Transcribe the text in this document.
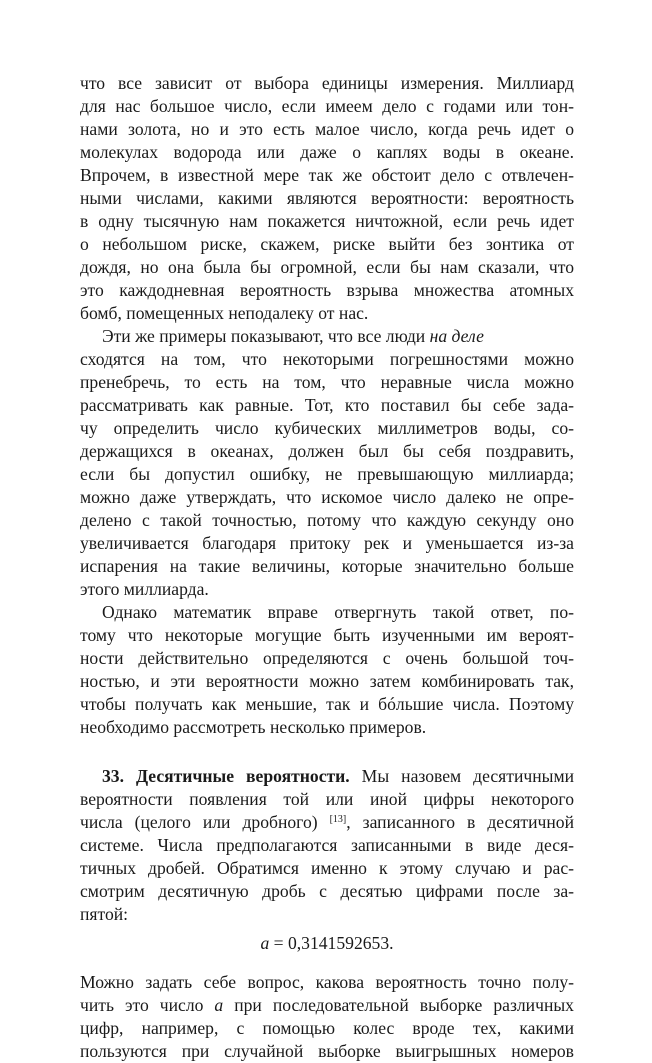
что все зависит от выбора единицы измерения. Миллиард
для нас большое число, если имеем дело с годами или тон-
нами золота, но и это есть малое число, когда речь идет о
молекулах водорода или даже о каплях воды в океане.
Впрочем, в известной мере так же обстоит дело с отвлечен-
ными числами, какими являются вероятности: вероятность
в одну тысячную нам покажется ничтожной, если речь идет
о небольшом риске, скажем, риске выйти без зонтика от
дождя, но она была бы огромной, если бы нам сказали, что
это каждодневная вероятность взрыва множества атомных
бомб, помещенных неподалеку от нас.
Эти же примеры показывают, что все люди на деле
сходятся на том, что некоторыми погрешностями можно
пренебречь, то есть на том, что неравные числа можно
рассматривать как равные. Тот, кто поставил бы себе зада-
чу определить число кубических миллиметров воды, со-
держащихся в океанах, должен был бы себя поздравить,
если бы допустил ошибку, не превышающую миллиарда;
можно даже утверждать, что искомое число далеко не опре-
делено с такой точностью, потому что каждую секунду оно
увеличивается благодаря притоку рек и уменьшается из-за
испарения на такие величины, которые значительно больше
этого миллиарда.
Однако математик вправе отвергнуть такой ответ, по-
тому что некоторые могущие быть изученными им вероят-
ности действительно определяются с очень большой точ-
ностью, и эти вероятности можно затем комбинировать так,
чтобы получать как меньшие, так и бóльшие числа. Поэтому
необходимо рассмотреть несколько примеров.
33. Десятичные вероятности. Мы назовем десятичными
вероятности появления той или иной цифры некоторого
числа (целого или дробного) [13], записанного в десятичной
системе. Числа предполагаются записанными в виде деся-
тичных дробей. Обратимся именно к этому случаю и рас-
смотрим десятичную дробь с десятью цифрами после за-
пятой:
a = 0,3141592653.
Можно задать себе вопрос, какова вероятность точно полу-
чить это число a при последовательной выборке различных
цифр, например, с помощью колес вроде тех, какими
пользуются при случайной выборке выигрышных номеров
